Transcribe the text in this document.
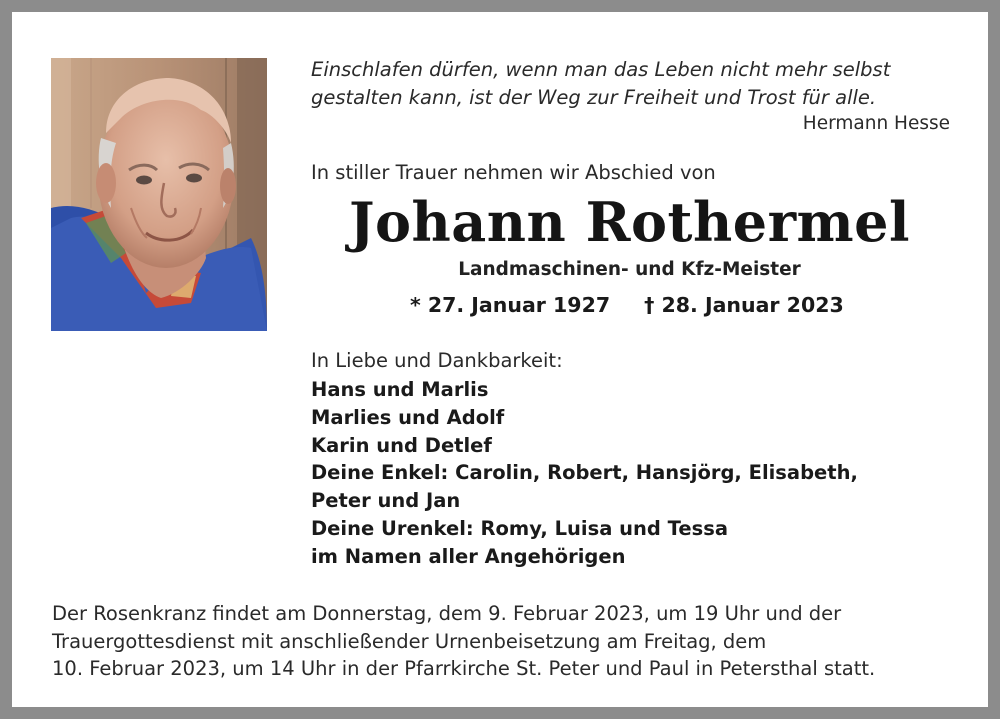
Einschlafen dürfen, wenn man das Leben nicht mehr selbst
gestalten kann, ist der Weg zur Freiheit und Trost für alle.
Hermann Hesse
In stiller Trauer nehmen wir Abschied von
Johann Rothermel
Landmaschinen- und Kfz-Meister
* 27. Januar 1927 † 28. Januar 2023
In Liebe und Dankbarkeit:
Hans und Marlis
Marlies und Adolf
Karin und Detlef
Deine Enkel: Carolin, Robert, Hansjörg, Elisabeth,
Peter und Jan
Deine Urenkel: Romy, Luisa und Tessa
im Namen aller Angehörigen
Der Rosenkranz findet am Donnerstag, dem 9. Februar 2023, um 19 Uhr und der
Trauergottesdienst mit anschließender Urnenbeisetzung am Freitag, dem
10. Februar 2023, um 14 Uhr in der Pfarrkirche St. Peter und Paul in Petersthal statt.
